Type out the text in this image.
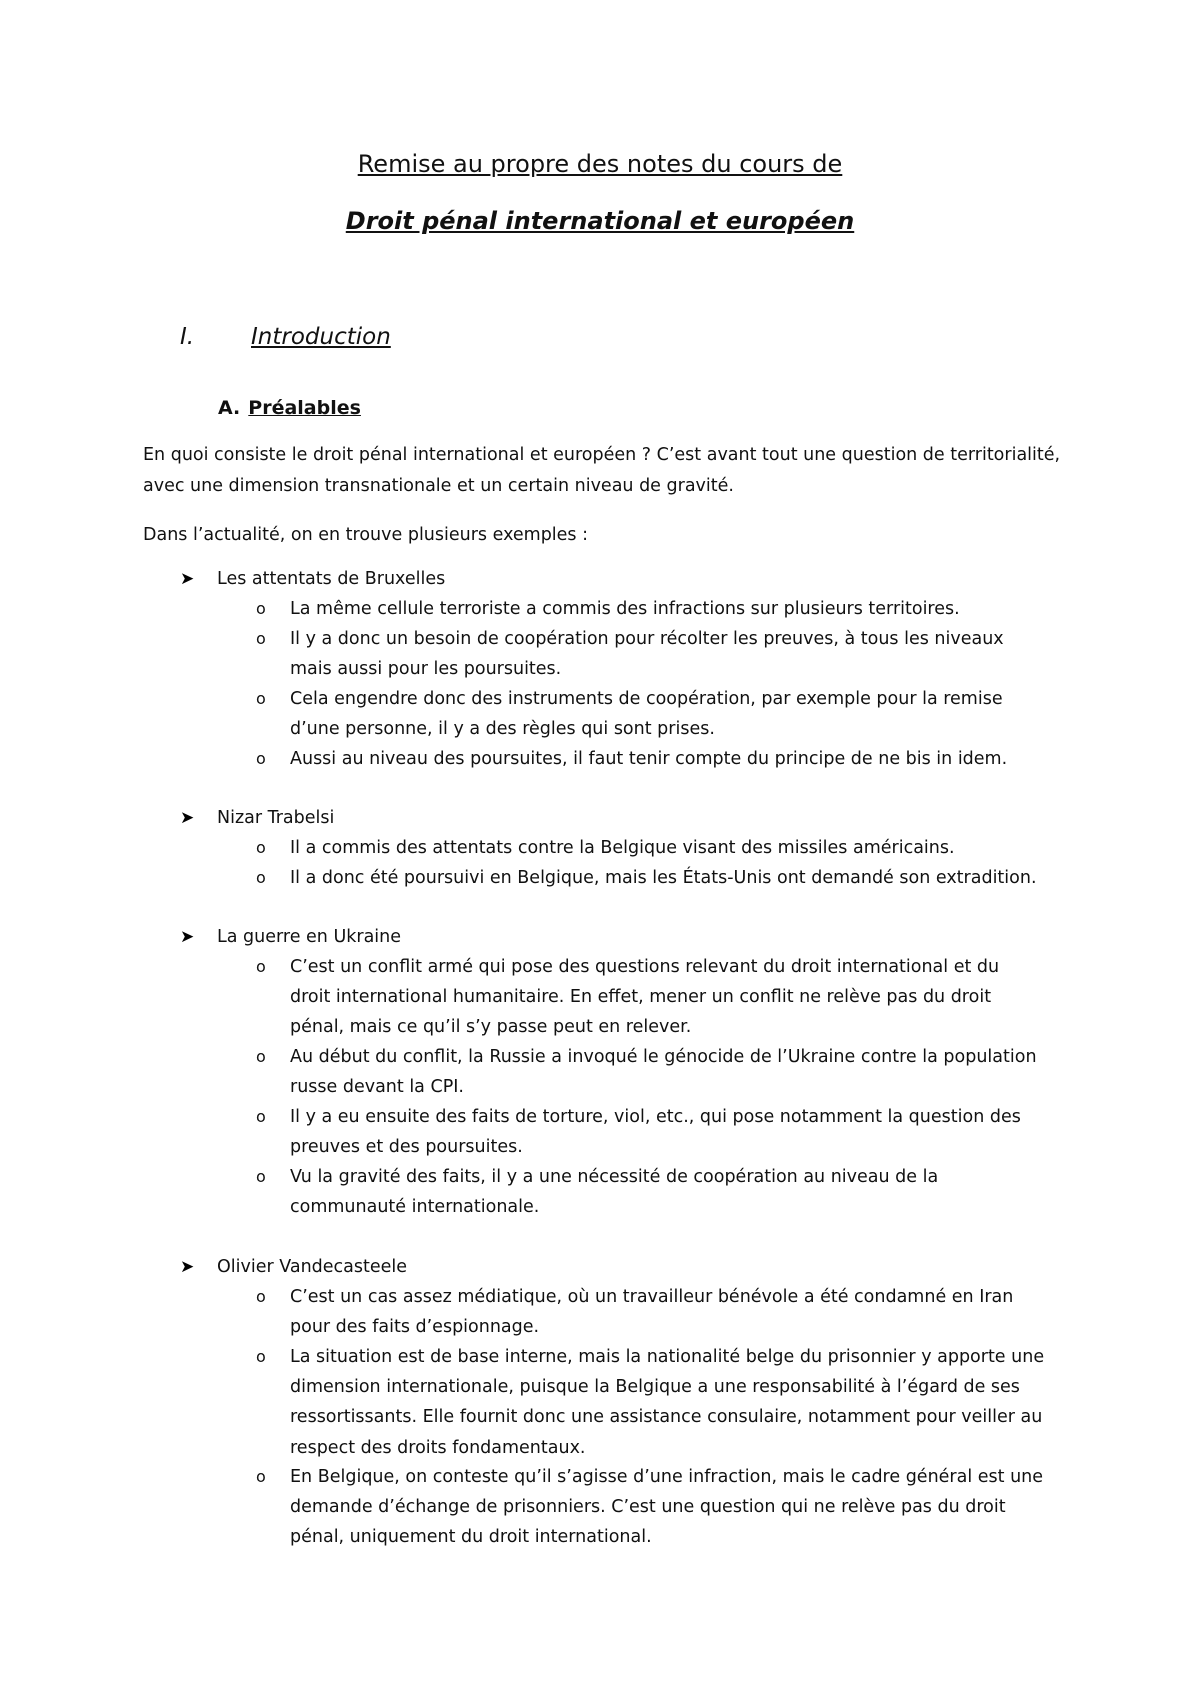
Remise au propre des notes du cours de
Droit pénal international et européen
I. Introduction
A. Préalables
En quoi consiste le droit pénal international et européen ? C’est avant tout une question de territorialité, avec une dimension transnationale et un certain niveau de gravité.
Dans l’actualité, on en trouve plusieurs exemples :
➤ Les attentats de Bruxelles
o La même cellule terroriste a commis des infractions sur plusieurs territoires.
o Il y a donc un besoin de coopération pour récolter les preuves, à tous les niveaux
mais aussi pour les poursuites.
o Cela engendre donc des instruments de coopération, par exemple pour la remise
d’une personne, il y a des règles qui sont prises.
o Aussi au niveau des poursuites, il faut tenir compte du principe de ne bis in idem.
➤ Nizar Trabelsi
o Il a commis des attentats contre la Belgique visant des missiles américains.
o Il a donc été poursuivi en Belgique, mais les États-Unis ont demandé son extradition.
➤ La guerre en Ukraine
o C’est un conflit armé qui pose des questions relevant du droit international et du
droit international humanitaire. En effet, mener un conflit ne relève pas du droit
pénal, mais ce qu’il s’y passe peut en relever.
o Au début du conflit, la Russie a invoqué le génocide de l’Ukraine contre la population
russe devant la CPI.
o Il y a eu ensuite des faits de torture, viol, etc., qui pose notamment la question des
preuves et des poursuites.
o Vu la gravité des faits, il y a une nécessité de coopération au niveau de la
communauté internationale.
➤ Olivier Vandecasteele
o C’est un cas assez médiatique, où un travailleur bénévole a été condamné en Iran
pour des faits d’espionnage.
o La situation est de base interne, mais la nationalité belge du prisonnier y apporte une
dimension internationale, puisque la Belgique a une responsabilité à l’égard de ses
ressortissants. Elle fournit donc une assistance consulaire, notamment pour veiller au
respect des droits fondamentaux.
o En Belgique, on conteste qu’il s’agisse d’une infraction, mais le cadre général est une
demande d’échange de prisonniers. C’est une question qui ne relève pas du droit
pénal, uniquement du droit international.
